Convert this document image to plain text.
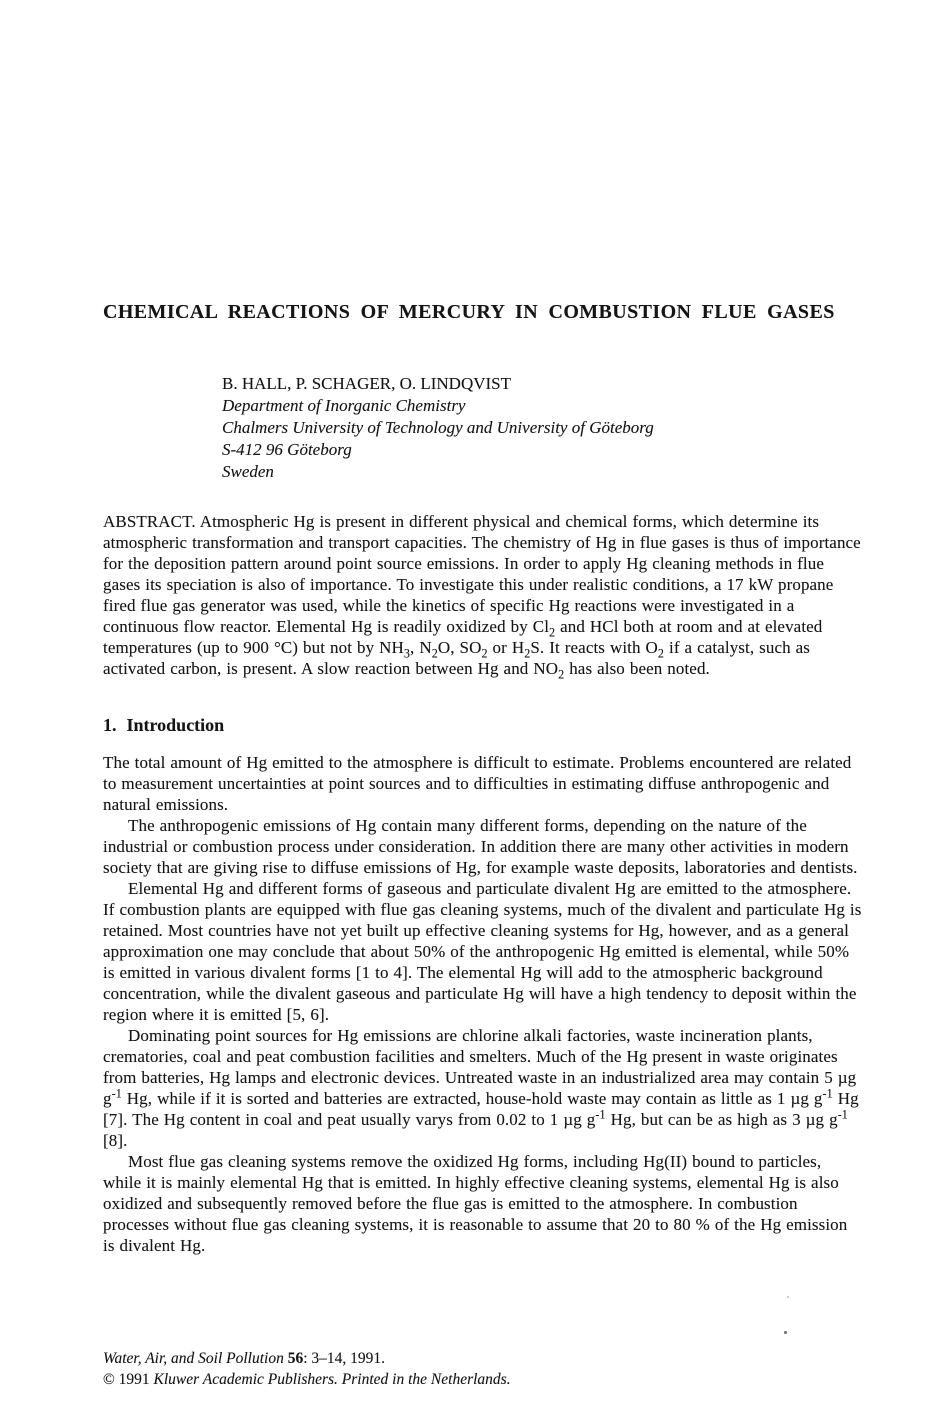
CHEMICAL REACTIONS OF MERCURY IN COMBUSTION FLUE GASES
B. HALL, P. SCHAGER, O. LINDQVIST
Department of Inorganic Chemistry
Chalmers University of Technology and University of Göteborg
S-412 96 Göteborg
Sweden

ABSTRACT. Atmospheric Hg is present in different physical and chemical forms, which determine its atmospheric transformation and transport capacities. The chemistry of Hg in flue gases is thus of importance for the deposition pattern around point source emissions. In order to apply Hg cleaning methods in flue gases its speciation is also of importance. To investigate this under realistic conditions, a 17 kW propane fired flue gas generator was used, while the kinetics of specific Hg reactions were investigated in a continuous flow reactor. Elemental Hg is readily oxidized by $Cl_2$ and HCl both at room and at elevated temperatures (up to 900 °C) but not by $NH_3$, $N_2O$, $SO_2$ or $H_2S$. It reacts with $O_2$ if a catalyst, such as activated carbon, is present. A slow reaction between Hg and $NO_2$ has also been noted.

1. Introduction

The total amount of Hg emitted to the atmosphere is difficult to estimate. Problems encountered are related to measurement uncertainties at point sources and to difficulties in estimating diffuse anthropogenic and natural emissions.

The anthropogenic emissions of Hg contain many different forms, depending on the nature of the industrial or combustion process under consideration. In addition there are many other activities in modern society that are giving rise to diffuse emissions of Hg, for example waste deposits, laboratories and dentists.

Elemental Hg and different forms of gaseous and particulate divalent Hg are emitted to the atmosphere. If combustion plants are equipped with flue gas cleaning systems, much of the divalent and particulate Hg is retained. Most countries have not yet built up effective cleaning systems for Hg, however, and as a general approximation one may conclude that about 50% of the anthropogenic Hg emitted is elemental, while 50% is emitted in various divalent forms [1 to 4]. The elemental Hg will add to the atmospheric background concentration, while the divalent gaseous and particulate Hg will have a high tendency to deposit within the region where it is emitted [5, 6].

Dominating point sources for Hg emissions are chlorine alkali factories, waste incineration plants, crematories, coal and peat combustion facilities and smelters. Much of the Hg present in waste originates from batteries, Hg lamps and electronic devices. Untreated waste in an industrialized area may contain 5 µg $g^{-1}$ Hg, while if it is sorted and batteries are extracted, house-hold waste may contain as little as 1 µg $g^{-1}$ Hg [7]. The Hg content in coal and peat usually varys from 0.02 to 1 µg $g^{-1}$ Hg, but can be as high as 3 µg $g^{-1}$ [8].

Most flue gas cleaning systems remove the oxidized Hg forms, including Hg(II) bound to particles, while it is mainly elemental Hg that is emitted. In highly effective cleaning systems, elemental Hg is also oxidized and subsequently removed before the flue gas is emitted to the atmosphere. In combustion processes without flue gas cleaning systems, it is reasonable to assume that 20 to 80 % of the Hg emission is divalent Hg.

Water, Air, and Soil Pollution 56: 3–14, 1991.
© 1991 Kluwer Academic Publishers. Printed in the Netherlands.
